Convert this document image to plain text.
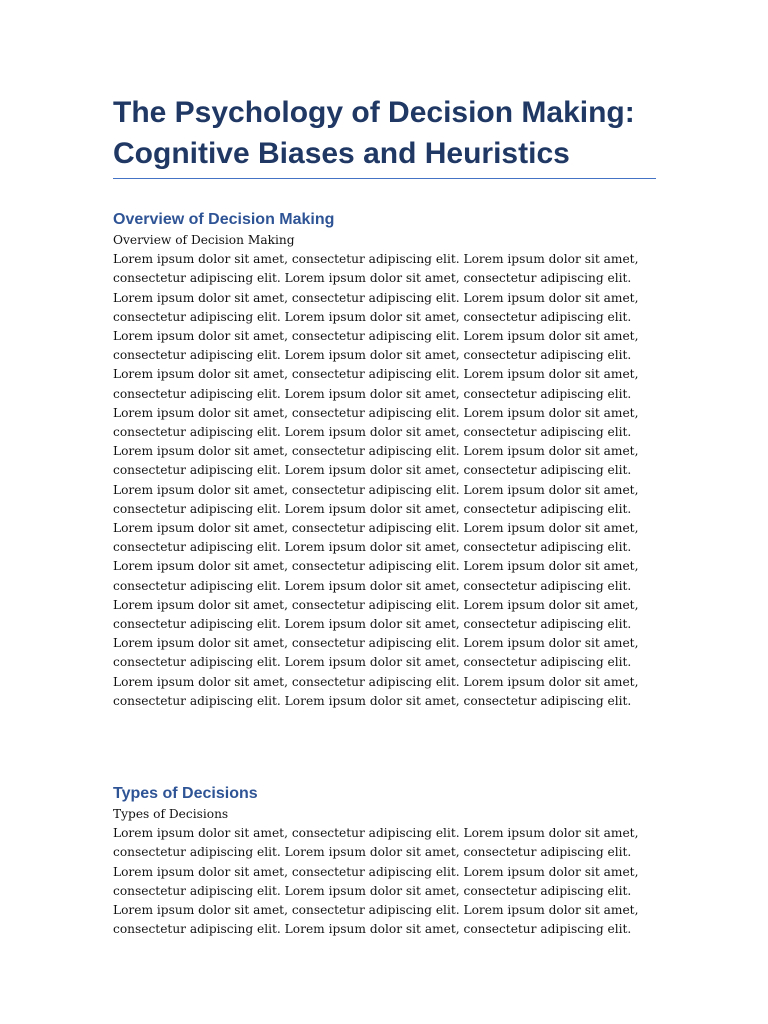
The Psychology of Decision Making: Cognitive Biases and Heuristics
Overview of Decision Making

Overview of Decision Making

Lorem ipsum dolor sit amet, consectetur adipiscing elit. Lorem ipsum dolor sit amet, consectetur adipiscing elit. Lorem ipsum dolor sit amet, consectetur adipiscing elit. Lorem ipsum dolor sit amet, consectetur adipiscing elit. Lorem ipsum dolor sit amet, consectetur adipiscing elit. Lorem ipsum dolor sit amet, consectetur adipiscing elit. Lorem ipsum dolor sit amet, consectetur adipiscing elit. Lorem ipsum dolor sit amet, consectetur adipiscing elit. Lorem ipsum dolor sit amet, consectetur adipiscing elit. Lorem ipsum dolor sit amet, consectetur adipiscing elit. Lorem ipsum dolor sit amet, consectetur adipiscing elit. Lorem ipsum dolor sit amet, consectetur adipiscing elit. Lorem ipsum dolor sit amet, consectetur adipiscing elit. Lorem ipsum dolor sit amet, consectetur adipiscing elit. Lorem ipsum dolor sit amet, consectetur adipiscing elit. Lorem ipsum dolor sit amet, consectetur adipiscing elit. Lorem ipsum dolor sit amet, consectetur adipiscing elit. Lorem ipsum dolor sit amet, consectetur adipiscing elit. Lorem ipsum dolor sit amet, consectetur adipiscing elit. Lorem ipsum dolor sit amet, consectetur adipiscing elit. Lorem ipsum dolor sit amet, consectetur adipiscing elit. Lorem ipsum dolor sit amet, consectetur adipiscing elit. Lorem ipsum dolor sit amet, consectetur adipiscing elit. Lorem ipsum dolor sit amet, consectetur adipiscing elit. Lorem ipsum dolor sit amet, consectetur adipiscing elit. Lorem ipsum dolor sit amet, consectetur adipiscing elit. Lorem ipsum dolor sit amet, consectetur adipiscing elit. Lorem ipsum dolor sit amet, consectetur adipiscing elit. Lorem ipsum dolor sit amet, consectetur adipiscing elit. Lorem ipsum dolor sit amet, consectetur adipiscing elit. Lorem ipsum dolor sit amet, consectetur adipiscing elit. Lorem ipsum dolor sit amet, consectetur adipiscing elit. Lorem ipsum dolor sit amet, consectetur adipiscing elit. Lorem ipsum dolor sit amet, consectetur adipiscing elit. Lorem ipsum dolor sit amet, consectetur adipiscing elit. Lorem ipsum dolor sit amet, consectetur adipiscing elit.

Types of Decisions

Types of Decisions

Lorem ipsum dolor sit amet, consectetur adipiscing elit. Lorem ipsum dolor sit amet, consectetur adipiscing elit. Lorem ipsum dolor sit amet, consectetur adipiscing elit. Lorem ipsum dolor sit amet, consectetur adipiscing elit. Lorem ipsum dolor sit amet, consectetur adipiscing elit. Lorem ipsum dolor sit amet, consectetur adipiscing elit. Lorem ipsum dolor sit amet, consectetur adipiscing elit. Lorem ipsum dolor sit amet, consectetur adipiscing elit. Lorem ipsum dolor sit amet, consectetur adipiscing elit.
